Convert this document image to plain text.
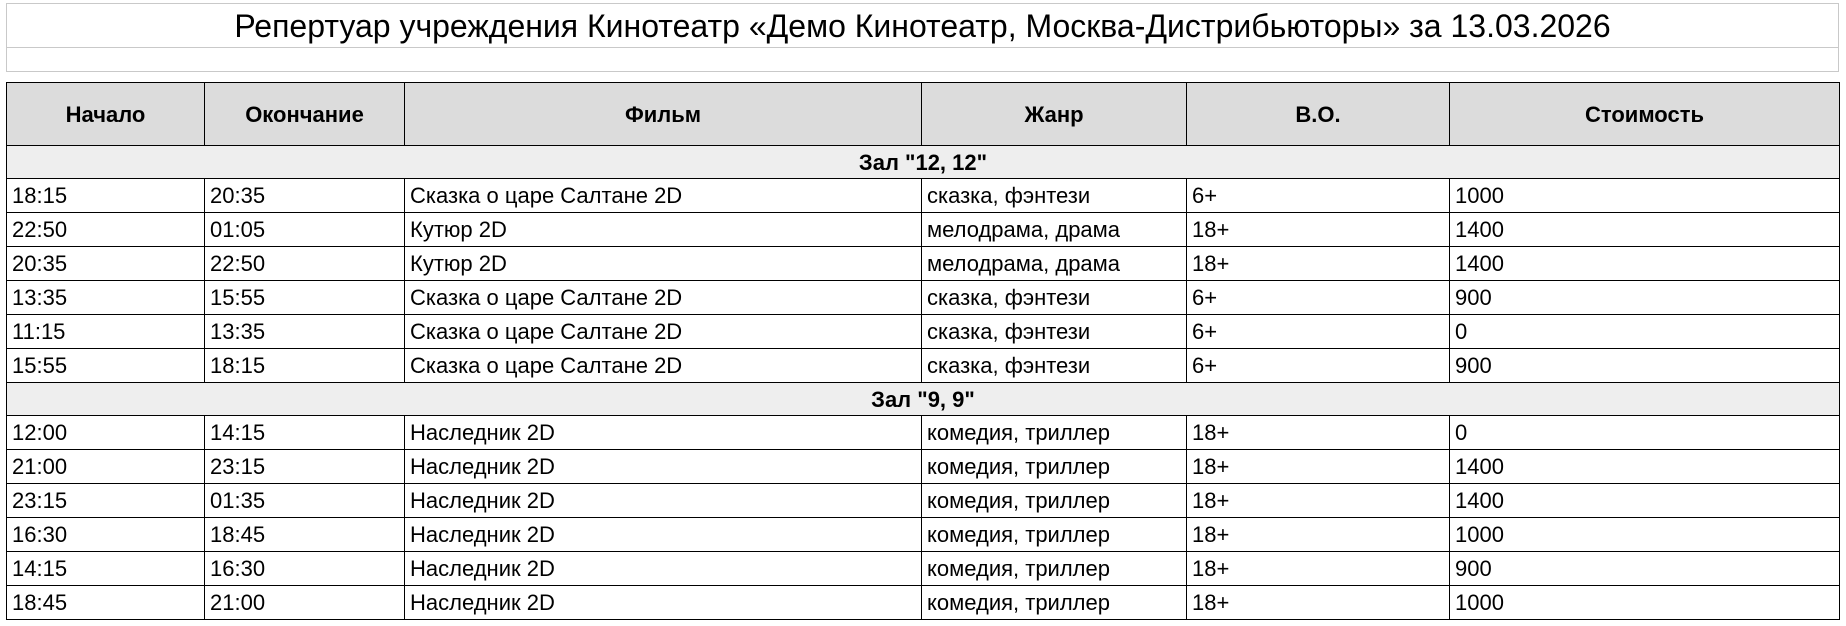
Репертуар учреждения Кинотеатр «Демо Кинотеатр, Москва-Дистрибьюторы» за 13.03.2026
Начало	Окончание	Фильм	Жанр	В.О.	Стоимость
Зал "12, 12"					
18:15	20:35	Сказка о царе Салтане 2D	сказка, фэнтези	6+	1000
22:50	01:05	Кутюр 2D	мелодрама, драма	18+	1400
20:35	22:50	Кутюр 2D	мелодрама, драма	18+	1400
13:35	15:55	Сказка о царе Салтане 2D	сказка, фэнтези	6+	900
11:15	13:35	Сказка о царе Салтане 2D	сказка, фэнтези	6+	0
15:55	18:15	Сказка о царе Салтане 2D	сказка, фэнтези	6+	900
Зал "9, 9"					
12:00	14:15	Наследник 2D	комедия, триллер	18+	0
21:00	23:15	Наследник 2D	комедия, триллер	18+	1400
23:15	01:35	Наследник 2D	комедия, триллер	18+	1400
16:30	18:45	Наследник 2D	комедия, триллер	18+	1000
14:15	16:30	Наследник 2D	комедия, триллер	18+	900
18:45	21:00	Наследник 2D	комедия, триллер	18+	1000
